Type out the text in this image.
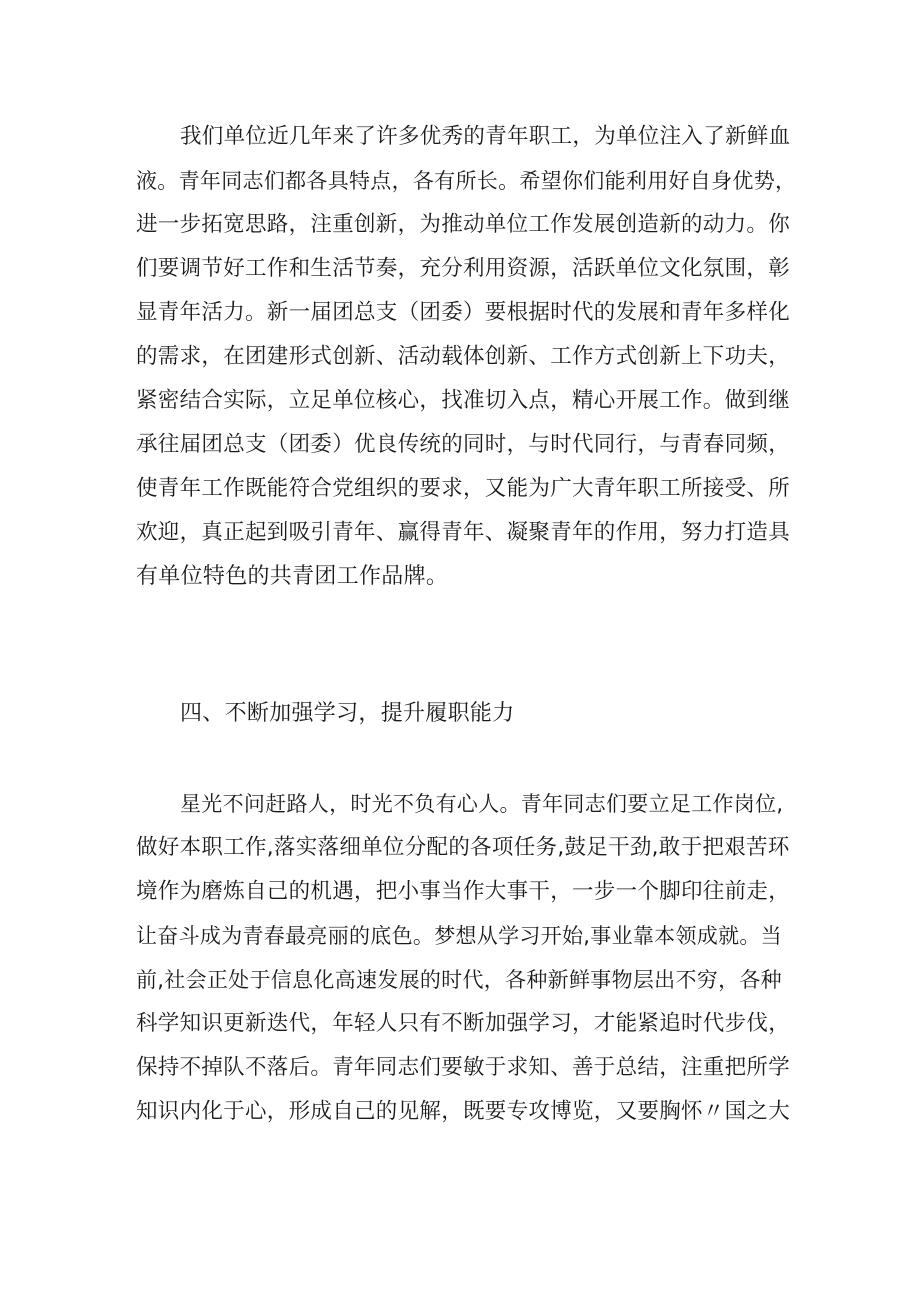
我们单位近几年来了许多优秀的青年职工，为单位注入了新鲜血
液。青年同志们都各具特点，各有所长。希望你们能利用好自身优势，
进一步拓宽思路，注重创新，为推动单位工作发展创造新的动力。你
们要调节好工作和生活节奏，充分利用资源，活跃单位文化氛围，彰
显青年活力。新一届团总支（团委）要根据时代的发展和青年多样化
的需求，在团建形式创新、活动载体创新、工作方式创新上下功夫，
紧密结合实际，立足单位核心，找准切入点，精心开展工作。做到继
承往届团总支（团委）优良传统的同时，与时代同行，与青春同频，
使青年工作既能符合党组织的要求，又能为广大青年职工所接受、所
欢迎，真正起到吸引青年、赢得青年、凝聚青年的作用，努力打造具
有单位特色的共青团工作品牌。
四、不断加强学习，提升履职能力
星光不问赶路人，时光不负有心人。青年同志们要立足工作岗位,
做好本职工作,落实落细单位分配的各项任务,鼓足干劲,敢于把艰苦环
境作为磨炼自己的机遇，把小事当作大事干，一步一个脚印往前走，
让奋斗成为青春最亮丽的底色。梦想从学习开始,事业靠本领成就。当
前,社会正处于信息化高速发展的时代，各种新鲜事物层出不穷，各种
科学知识更新迭代，年轻人只有不断加强学习，才能紧追时代步伐，
保持不掉队不落后。青年同志们要敏于求知、善于总结，注重把所学
知识内化于心，形成自己的见解，既要专攻博览，又要胸怀〃国之大
